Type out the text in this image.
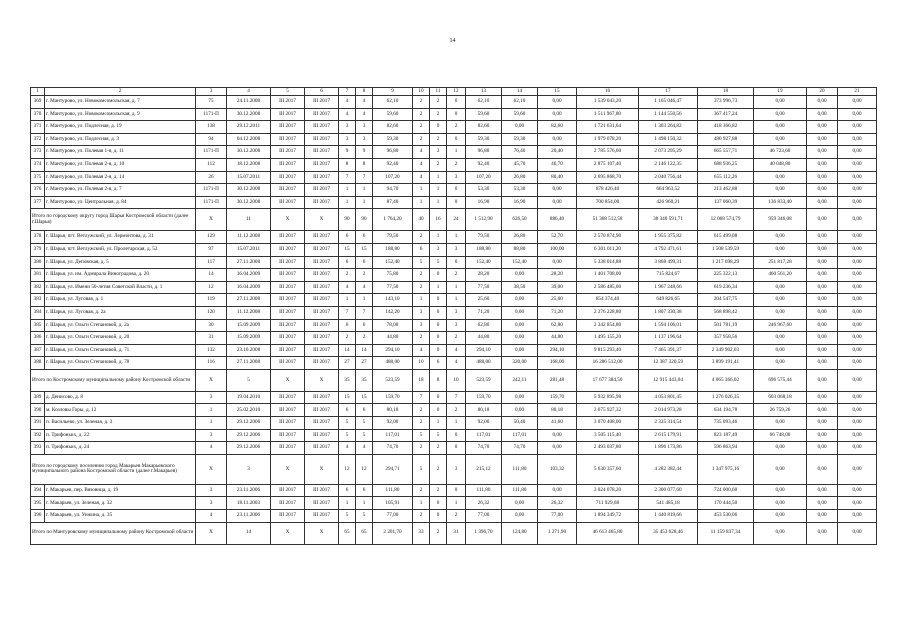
14
1	2	3	4	5	6	7	8	9	10	11	12	13	14	15	16	17	18	19	20	21
369	г. Мантурово, ул. Новокомсомольская, д. 7	75	24.11.2008	III 2017	III 2017	4	4	62,10	2	2	0	62,10	62,10	0,00	1 539 043,20	1 165 046,47	373 996,73	0,00	0,00	0,00
370	г. Мантурово, ул. Новокомсомольская, д. 9	1171-П	30.12.2008	III 2017	III 2017	4	4	59,60	2	2	0	59,60	59,60	0,00	1 511 967,80	1 144 550,56	367 417,24	0,00	0,00	0,00
371	г. Мантурово, ул. Подлесная, д. 19	138	29.12.2011	III 2017	III 2017	3	3	82,60	2	0	2	82,60	0,00	82,60	1 721 631,64	1 303 264,82	418 366,82	0,00	0,00	0,00
372	г. Мантурово, ул. Подлесная, д. 3	94	04.12.2008	III 2017	III 2017	3	3	59,30	2	2	0	59,30	59,30	0,00	1 979 078,20	1 498 150,32	480 927,88	0,00	0,00	0,00
373	г. Мантурово, ул. Полевая 1-я, д. 11	1171-П	30.12.2008	III 2017	III 2017	9	9	96,80	4	3	1	96,80	76,40	20,40	2 785 576,60	2 073 295,29	665 557,71	46 723,60	0,00	0,00
374	г. Мантурово, ул. Полевая 2-я, д. 10	112	18.12.2008	III 2017	III 2017	8	8	92,40	4	2	2	92,40	45,70	46,70	2 875 107,40	2 146 122,35	688 936,25	40 048,80	0,00	0,00
375	г. Мантурово, ул. Полевая 2-я, д. 14	26	15.07.2011	III 2017	III 2017	7	7	107,20	4	1	3	107,20	26,80	80,40	2 695 868,70	2 040 756,44	655 112,26	0,00	0,00	0,00
376	г. Мантурово, ул. Полевая 2-я, д. 7	1171-П	30.12.2008	III 2017	III 2017	1	1	94,70	1	1	0	53,30	53,30	0,00	878 426,40	664 963,52	213 462,88	0,00	0,00	0,00
377	г. Мантурово, ул. Центральная, д. 84	1171-П	30.12.2008	III 2017	III 2017	1	1	87,40	1	1	0	16,90	16,90	0,00	700 854,00	426 960,21	137 060,39	136 833,40	0,00	0,00
Итого по городскому округу город Шарья Костромской области (далее г.Шарья)		X	11	X	X	90	90	1 764,20	40	16	24	1 512,90	626,50	886,40	51 368 512,58	38 340 591,71	12 068 574,79	959 346,08	0,00	0,00
378	г. Шарья, пгт. Ветлужский, ул. Лермонтова, д. 31	129	11.12.2008	III 2017	III 2017	6	6	79,50	2	1	1	79,50	26,80	52,70	2 570 874,90	1 955 375,82	615 499,08	0,00	0,00	0,00
379	г. Шарья, пгт. Ветлужский, ул. Пролетарская, д. 52	97	15.07.2011	III 2017	III 2017	15	15	188,80	6	3	3	188,80	88,80	100,00	6 301 011,20	4 792 471,61	1 508 539,59	0,00	0,00	0,00
380	г. Шарья, ул. Деповская, д. 5	117	27.11.2008	III 2017	III 2017	6	6	152,40	5	5	0	152,40	152,40	0,00	5 338 014,88	3 868 499,31	1 217 698,29	251 817,28	0,00	0,00
381	г. Шарья, ул. им. Адмирала Виноградова, д. 20	14	16.04.2009	III 2017	III 2017	2	2	75,80	2	0	2	28,20	0,00	28,20	1 401 708,00	715 824,67	225 322,13	460 561,20	0,00	0,00
382	г. Шарья, ул. Имени 50-летия Советской Власти, д. 1	12	16.04.2009	III 2017	III 2017	4	4	77,50	2	1	1	77,50	38,50	39,00	2 586 485,00	1 967 248,66	619 236,34	0,00	0,00	0,00
383	г. Шарья, ул. Луговая, д. 1	119	27.11.2008	III 2017	III 2017	1	1	143,10	1	0	1	25,60	0,00	25,60	854 374,40	649 826,65	204 547,75	0,00	0,00	0,00
384	г. Шарья, ул. Луговая, д. 2а	120	11.12.2008	III 2017	III 2017	7	7	142,20	3	0	3	71,20	0,00	71,20	2 376 228,80	1 807 330,38	568 898,42	0,00	0,00	0,00
385	г. Шарья, ул. Ольги Степановой, д. 2а	30	15.09.2009	III 2017	III 2017	6	6	78,00	3	0	3	62,80	0,00	62,80	2 342 854,80	1 594 106,01	501 781,19	246 967,60	0,00	0,00
386	г. Шарья, ул. Ольги Степановой, д. 20	31	15.09.2009	III 2017	III 2017	2	2	44,80	2	0	2	44,80	0,00	44,80	1 495 155,20	1 137 196,64	357 958,56	0,00	0,00	0,00
387	г. Шарья, ул. Ольги Степановой, д. 71	132	23.10.2008	III 2017	III 2017	14	14	294,10	4	0	4	294,10	0,00	294,10	9 815 293,40	7 465 391,37	2 349 902,03	0,00	0,00	0,00
388	г. Шарья, ул. Ольги Степановой, д. 78	116	27.11.2008	III 2017	III 2017	27	27	488,00	10	6	4	488,00	320,00	168,00	16 286 512,00	12 387 320,59	3 899 191,41	0,00	0,00	0,00
Итого по Костромскому муниципальному району Костромской области		X	5	X	X	35	35	523,59	18	8	10	523,59	242,11	281,48	17 677 384,50	12 915 443,04	4 065 366,02	696 575,44	0,00	0,00
389	д. Денисово, д. 8	3	19.04.2010	III 2017	III 2017	15	15	159,70	7	0	7	159,70	0,00	159,70	5 932 895,98	4 053 801,45	1 276 026,35	603 068,18	0,00	0,00
390	м. Козловы Горы, д. 12	1	25.02.2010	III 2017	III 2017	6	6	80,18	2	0	2	80,18	0,00	80,18	2 675 927,32	2 014 973,28	634 194,78	26 759,26	0,00	0,00
391	п. Васильево, ул. Зеленая, д. 3	1	29.12.2006	III 2017	III 2017	5	5	92,00	2	1	1	92,00	50,40	41,60	3 070 408,00	2 335 314,54	735 093,46	0,00	0,00	0,00
392	п. Трифоньих, д. 22	3	29.12.2006	III 2017	III 2017	5	5	117,01	5	5	0	117,01	117,01	0,00	3 505 115,40	2 615 179,91	823 187,49	66 748,00	0,00	0,00
393	п. Трифоньих, д. 24	4	29.12.2006	III 2017	III 2017	4	4	74,70	2	2	0	74,70	74,70	0,00	2 493 037,80	1 896 173,86	596 863,94	0,00	0,00	0,00
Итого по городскому поселению город Макарьев Макарьевского муниципального района Костромской области (далее г.Макарьев)		X	3	X	X	12	12	294,71	5	2	3	215,12	111,80	103,32	5 630 357,60	4 282 382,44	1 347 975,16	0,00	0,00	0,00
394	г. Макарьев, пер. Вязовица, д. 19	3	23.11.2006	III 2017	III 2017	6	6	111,80	2	2	0	111,80	111,80	0,00	3 024 078,20	2 300 077,60	724 000,60	0,00	0,00	0,00
395	г. Макарьев, ул. Зеленая, д. 32	3	18.11.2003	III 2017	III 2017	1	1	105,91	1	0	1	26,32	0,00	26,32	711 929,68	541 485,18	170 444,50	0,00	0,00	0,00
396	г. Макарьев, ул. Унжина, д. 35	4	23.11.2006	III 2017	III 2017	5	5	77,00	2	0	2	77,00	0,00	77,00	1 894 349,72	1 440 819,66	453 530,06	0,00	0,00	0,00
Итого по Мантуровскому муниципальному району Костромской области		X	14	X	X	65	65	2 201,70	33	2	31	1 396,70	124,80	1 271,90	46 613 465,80	35 453 628,46	11 159 837,34	0,00	0,00	0,00
